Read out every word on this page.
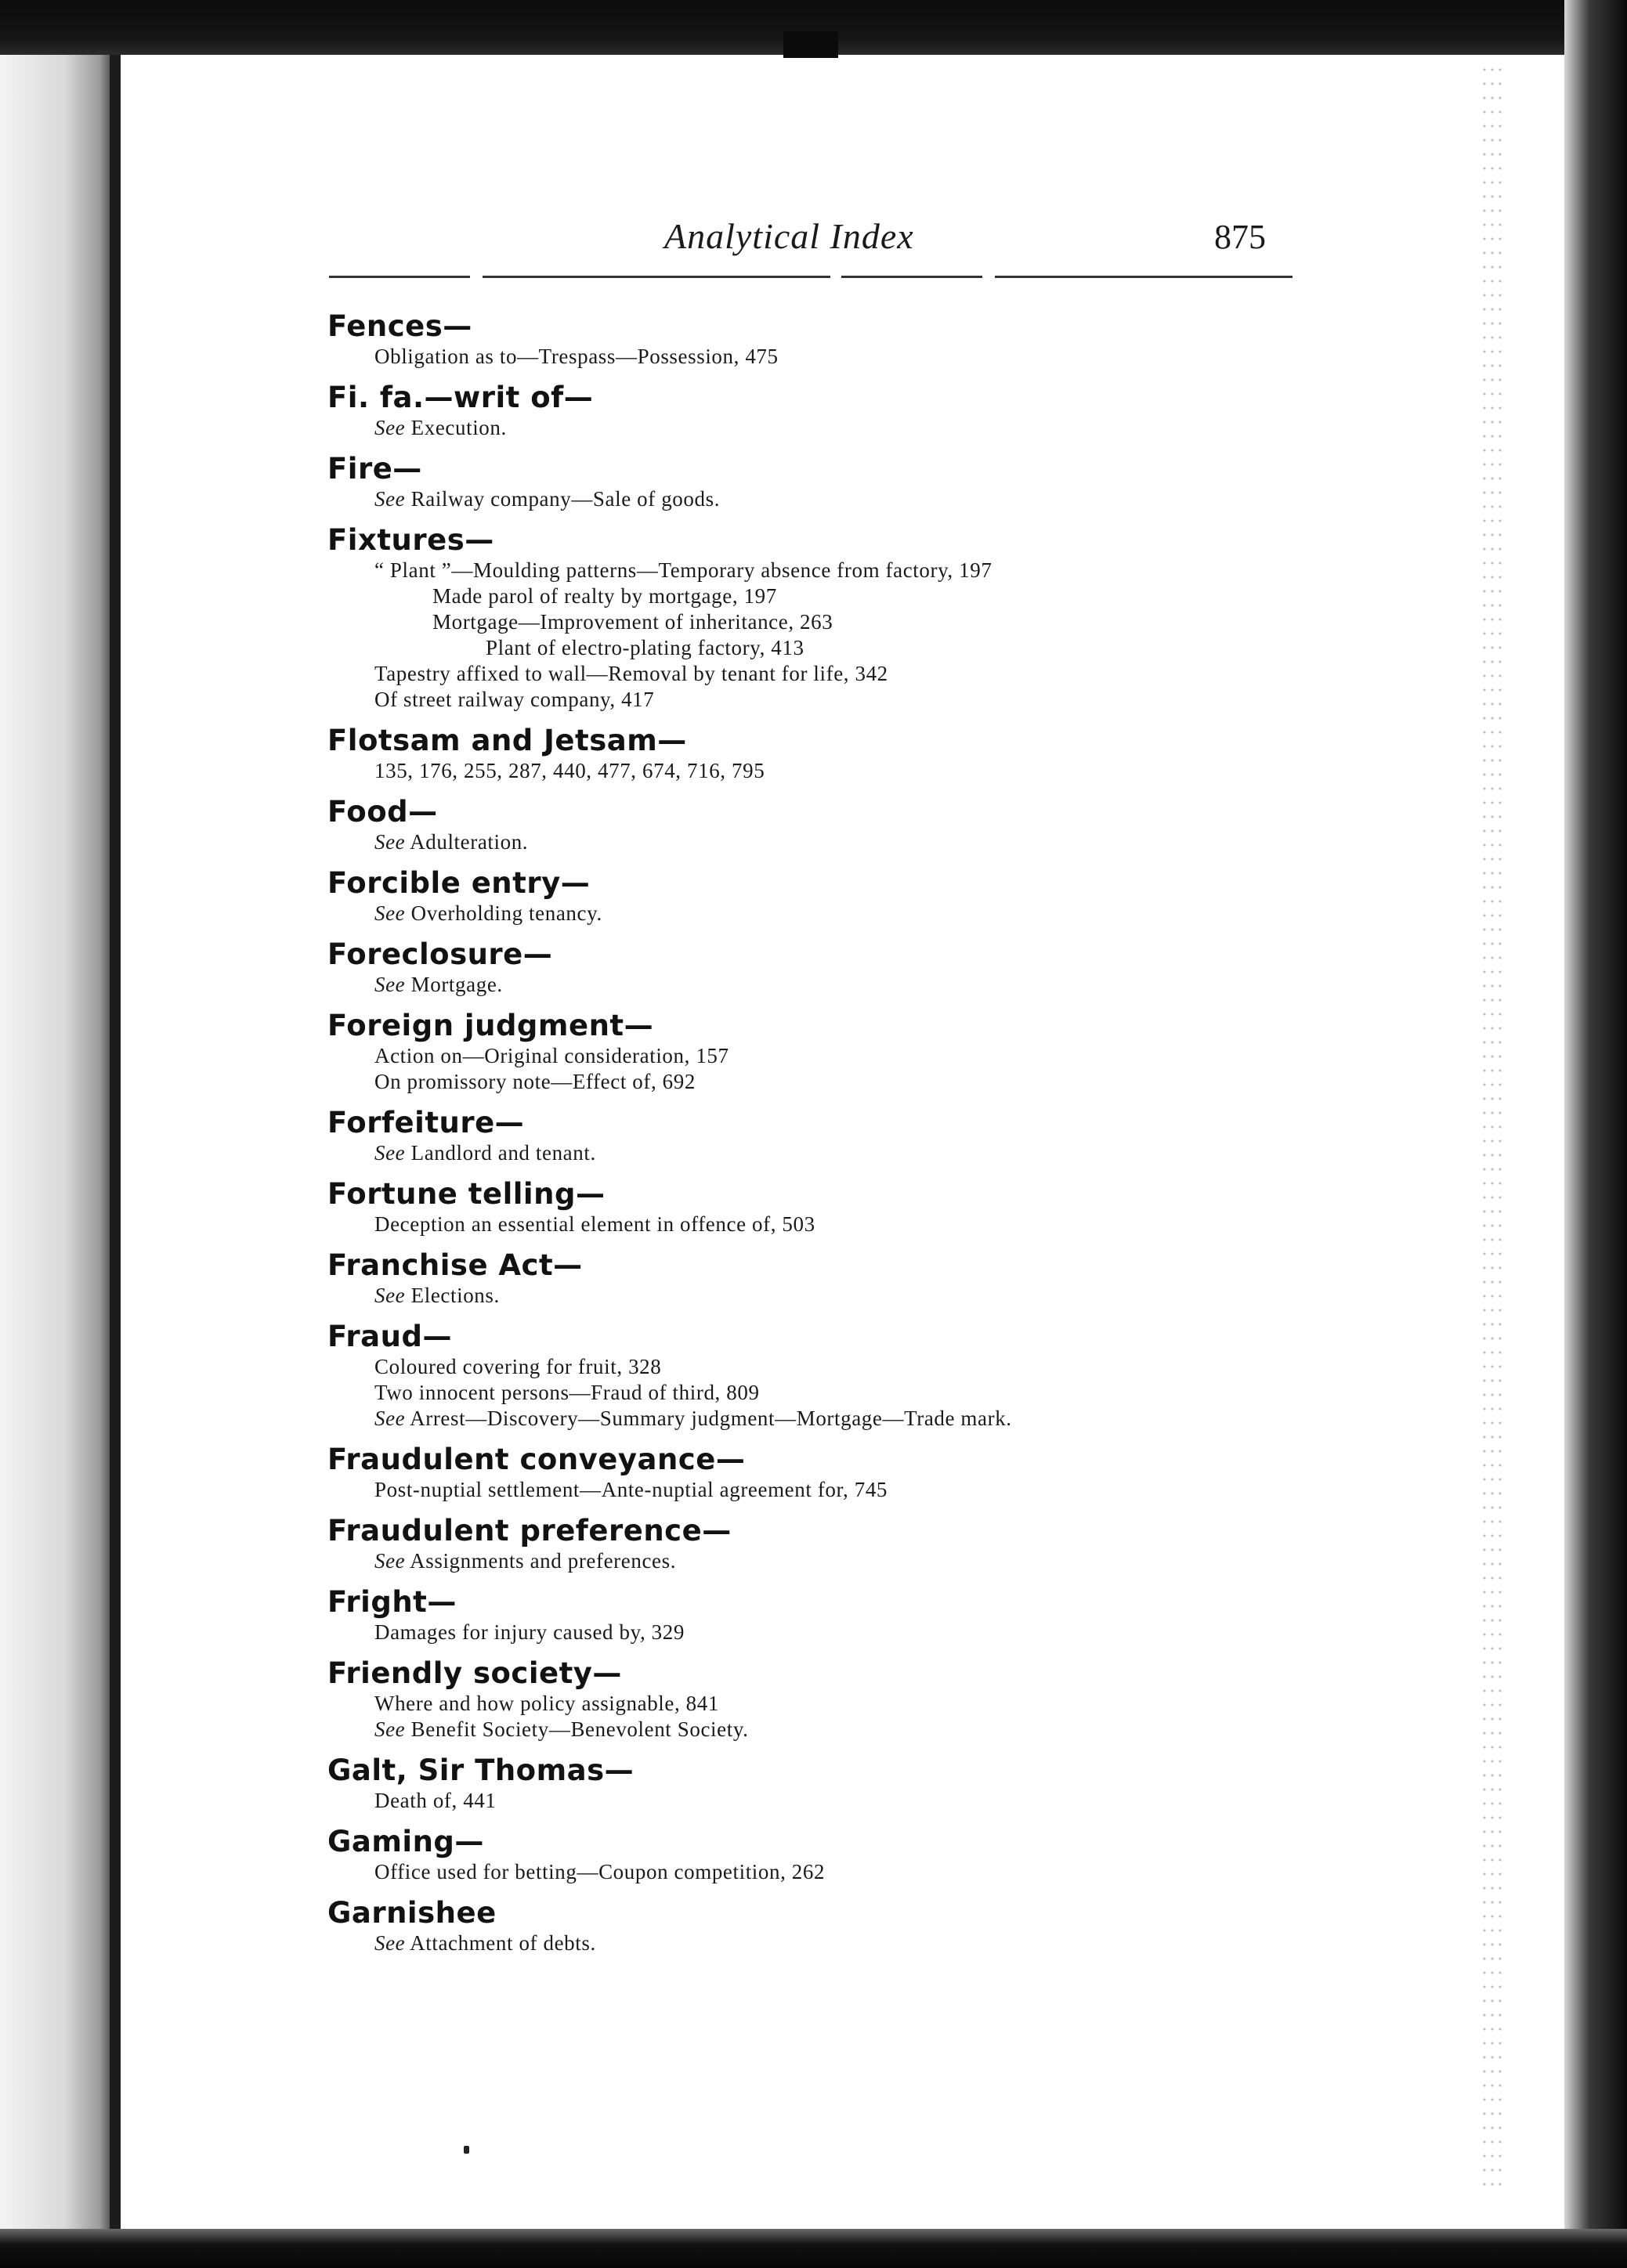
Analytical Index	875
Fences—
Obligation as to—Trespass—Possession, 475
Fi. fa.—writ of—
See Execution.
Fire—
See Railway company—Sale of goods.
Fixtures—
“ Plant ”—Moulding patterns—Temporary absence from factory, 197
Made parol of realty by mortgage, 197
Mortgage—Improvement of inheritance, 263
Plant of electro-plating factory, 413
Tapestry affixed to wall—Removal by tenant for life, 342
Of street railway company, 417
Flotsam and Jetsam—
135, 176, 255, 287, 440, 477, 674, 716, 795
Food—
See Adulteration.
Forcible entry—
See Overholding tenancy.
Foreclosure—
See Mortgage.
Foreign judgment—
Action on—Original consideration, 157
On promissory note—Effect of, 692
Forfeiture—
See Landlord and tenant.
Fortune telling—
Deception an essential element in offence of, 503
Franchise Act—
See Elections.
Fraud—
Coloured covering for fruit, 328
Two innocent persons—Fraud of third, 809
See Arrest—Discovery—Summary judgment—Mortgage—Trade mark.
Fraudulent conveyance—
Post-nuptial settlement—Ante-nuptial agreement for, 745
Fraudulent preference—
See Assignments and preferences.
Fright—
Damages for injury caused by, 329
Friendly society—
Where and how policy assignable, 841
See Benefit Society—Benevolent Society.
Galt, Sir Thomas—
Death of, 441
Gaming—
Office used for betting—Coupon competition, 262
Garnishee
See Attachment of debts.
